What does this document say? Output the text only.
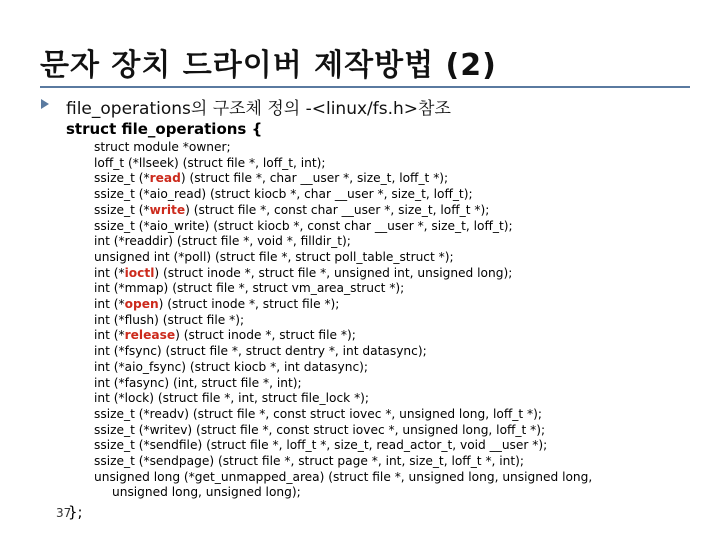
문자 장치 드라이버 제작방법 (2)
file_operations의 구조체 정의 -<linux/fs.h>참조
struct file_operations {
struct module *owner;
loff_t (*llseek) (struct file *, loff_t, int);
ssize_t (*read) (struct file *, char __user *, size_t, loff_t *);
ssize_t (*aio_read) (struct kiocb *, char __user *, size_t, loff_t);
ssize_t (*write) (struct file *, const char __user *, size_t, loff_t *);
ssize_t (*aio_write) (struct kiocb *, const char __user *, size_t, loff_t);
int (*readdir) (struct file *, void *, filldir_t);
unsigned int (*poll) (struct file *, struct poll_table_struct *);
int (*ioctl) (struct inode *, struct file *, unsigned int, unsigned long);
int (*mmap) (struct file *, struct vm_area_struct *);
int (*open) (struct inode *, struct file *);
int (*flush) (struct file *);
int (*release) (struct inode *, struct file *);
int (*fsync) (struct file *, struct dentry *, int datasync);
int (*aio_fsync) (struct kiocb *, int datasync);
int (*fasync) (int, struct file *, int);
int (*lock) (struct file *, int, struct file_lock *);
ssize_t (*readv) (struct file *, const struct iovec *, unsigned long, loff_t *);
ssize_t (*writev) (struct file *, const struct iovec *, unsigned long, loff_t *);
ssize_t (*sendfile) (struct file *, loff_t *, size_t, read_actor_t, void __user *);
ssize_t (*sendpage) (struct file *, struct page *, int, size_t, loff_t *, int);
unsigned long (*get_unmapped_area) (struct file *, unsigned long, unsigned long,
unsigned long, unsigned long);
37
};
